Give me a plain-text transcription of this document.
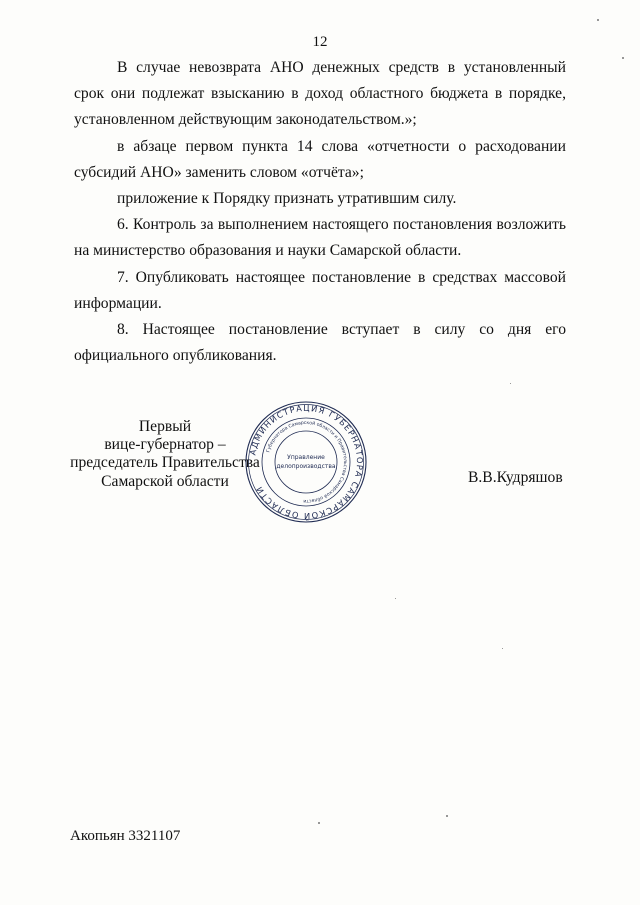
12

В случае невозврата АНО денежных средств в установленный срок они подлежат взысканию в доход областного бюджета в порядке, установленном действующим законодательством.»;

в абзаце первом пункта 14 слова «отчетности о расходовании субсидий АНО» заменить словом «отчёта»;

приложение к Порядку признать утратившим силу.

6. Контроль за выполнением настоящего постановления возложить на министерство образования и науки Самарской области.

7. Опубликовать настоящее постановление в средствах массовой информации.

8. Настоящее постановление вступает в силу со дня его официального опубликования.

Первый
вице-губернатор –
председатель Правительства
Самарской области
АДМИНИСТРАЦИЯ ГУБЕРНАТОРА САМАРСКОЙ ОБЛАСТИ
Губернатора Самарской области и Правительства Самарской области
Управление
делопроизводства
В.В.Кудряшов
Акопьян 3321107
